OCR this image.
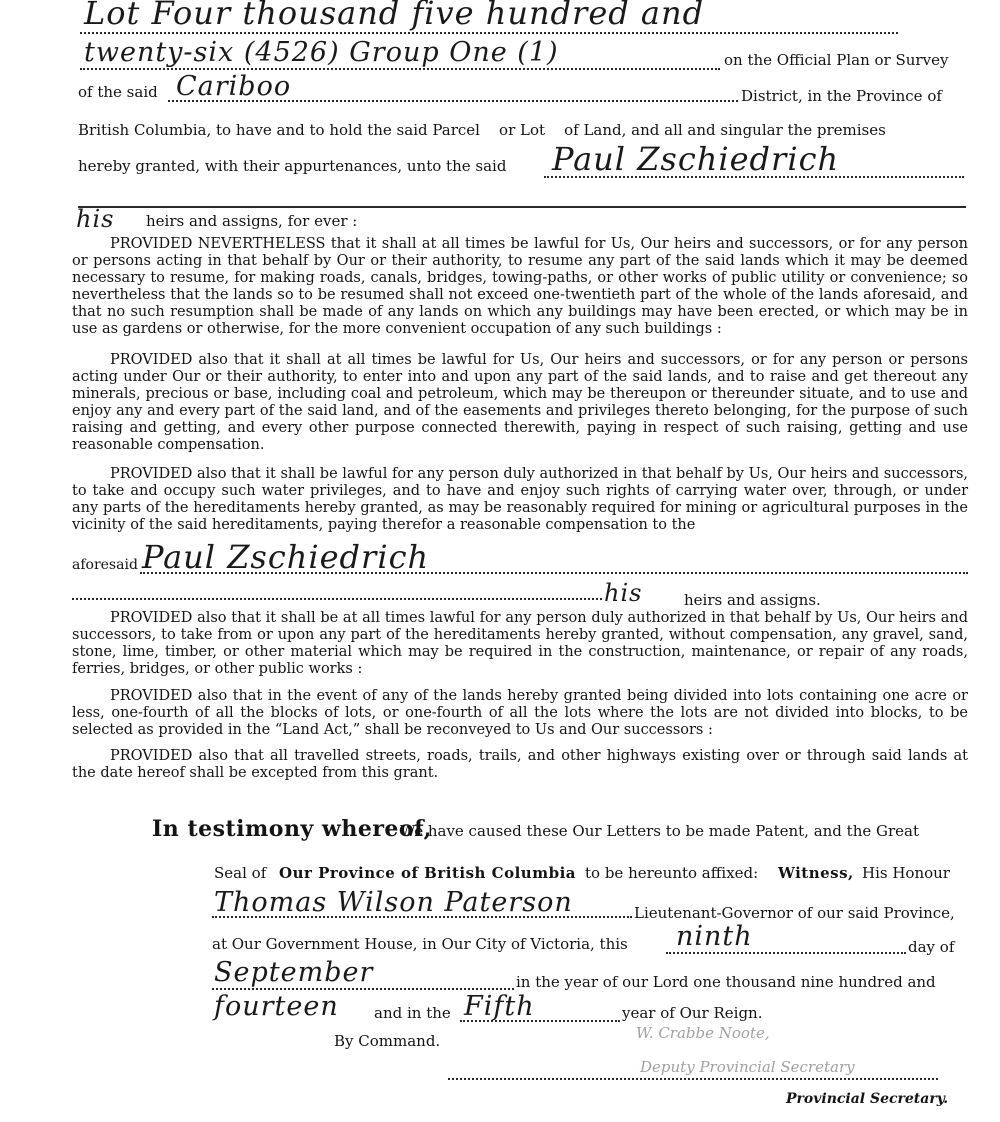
Lot Four thousand five hundred and
twenty-six (4526) Group One (1)	on the Official Plan or Survey
of the said Cariboo	District, in the Province of
British Columbia, to have and to hold the said Parcel    or Lot    of Land, and all and singular the premises
hereby granted, with their appurtenances, unto the said Paul Zschiedrich
his heirs and assigns, for ever :

PROVIDED NEVERTHELESS that it shall at all times be lawful for Us, Our heirs and successors, or for any person or persons acting in that behalf by Our or their authority, to resume any part of the said lands which it may be deemed necessary to resume, for making roads, canals, bridges, towing-paths, or other works of public utility or convenience; so nevertheless that the lands so to be resumed shall not exceed one-twentieth part of the whole of the lands aforesaid, and that no such resumption shall be made of any lands on which any buildings may have been erected, or which may be in use as gardens or otherwise, for the more convenient occupation of any such buildings :

PROVIDED also that it shall at all times be lawful for Us, Our heirs and successors, or for any person or persons acting under Our or their authority, to enter into and upon any part of the said lands, and to raise and get thereout any minerals, precious or base, including coal and petroleum, which may be thereupon or thereunder situate, and to use and enjoy any and every part of the said land, and of the easements and privileges thereto belonging, for the purpose of such raising and getting, and every other purpose connected therewith, paying in respect of such raising, getting and use reasonable compensation.

PROVIDED also that it shall be lawful for any person duly authorized in that behalf by Us, Our heirs and successors, to take and occupy such water privileges, and to have and enjoy such rights of carrying water over, through, or under any parts of the hereditaments hereby granted, as may be reasonably required for mining or agricultural purposes in the vicinity of the said hereditaments, paying therefor a reasonable compensation to the

aforesaid Paul Zschiedrich
his	heirs and assigns.

PROVIDED also that it shall be at all times lawful for any person duly authorized in that behalf by Us, Our heirs and successors, to take from or upon any part of the hereditaments hereby granted, without compensation, any gravel, sand, stone, lime, timber, or other material which may be required in the construction, maintenance, or repair of any roads, ferries, bridges, or other public works :

PROVIDED also that in the event of any of the lands hereby granted being divided into lots containing one acre or less, one-fourth of all the blocks of lots, or one-fourth of all the lots where the lots are not divided into blocks, to be selected as provided in the “Land Act,” shall be reconveyed to Us and Our successors :

PROVIDED also that all travelled streets, roads, trails, and other highways existing over or through said lands at the date hereof shall be excepted from this grant.

In testimony whereof,
We have caused these Our Letters to be made Patent, and the Great
Seal of Our Province of British Columbia to be hereunto affixed: Witness, His Honour
Thomas Wilson Paterson	Lieutenant-Governor of our said Province,
at Our Government House, in Our City of Victoria, this ninth	day of
September	in the year of our Lord one thousand nine hundred and
fourteen and in the Fifth	year of Our Reign.
By Command.	W. Crabbe Noote,
Deputy Provincial Secretary
Provincial Secretary.
